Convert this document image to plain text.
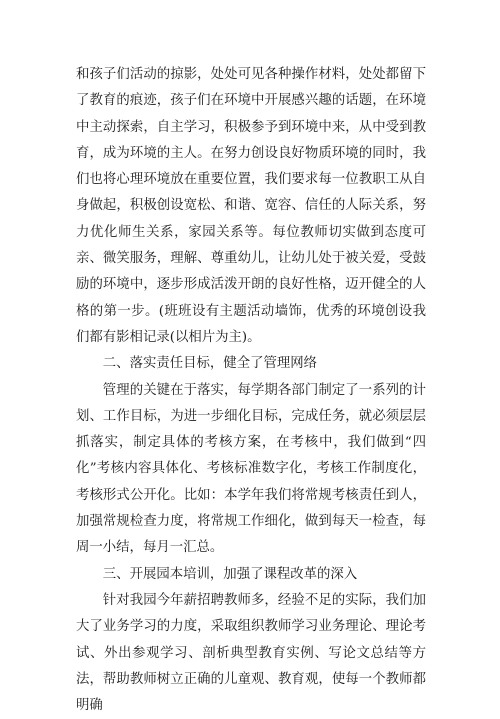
和孩子们活动的掠影，处处可见各种操作材料，处处都留下了教育的痕迹，孩子们在环境中开展感兴趣的话题，在环境中主动探索，自主学习，积极参予到环境中来，从中受到教育，成为环境的主人。在努力创设良好物质环境的同时，我们也将心理环境放在重要位置，我们要求每一位教职工从自身做起，积极创设宽松、和谐、宽容、信任的人际关系，努力优化师生关系，家园关系等。每位教师切实做到态度可亲、微笑服务，理解、尊重幼儿，让幼儿处于被关爱，受鼓励的环境中，逐步形成活泼开朗的良好性格，迈开健全的人格的第一步。(班班设有主题活动墙饰，优秀的环境创设我们都有影相记录(以相片为主)。

二、落实责任目标，健全了管理网络

管理的关键在于落实，每学期各部门制定了一系列的计划、工作目标，为进一步细化目标，完成任务，就必须层层抓落实，制定具体的考核方案，在考核中，我们做到“四化”考核内容具体化、考核标准数字化，考核工作制度化，考核形式公开化。比如：本学年我们将常规考核责任到人，加强常规检查力度，将常规工作细化，做到每天一检查，每周一小结，每月一汇总。

三、开展园本培训，加强了课程改革的深入

针对我园今年薪招聘教师多，经验不足的实际，我们加大了业务学习的力度，采取组织教师学习业务理论、理论考试、外出参观学习、剖析典型教育实例、写论文总结等方法，帮助教师树立正确的儿童观、教育观，使每一个教师都明确
